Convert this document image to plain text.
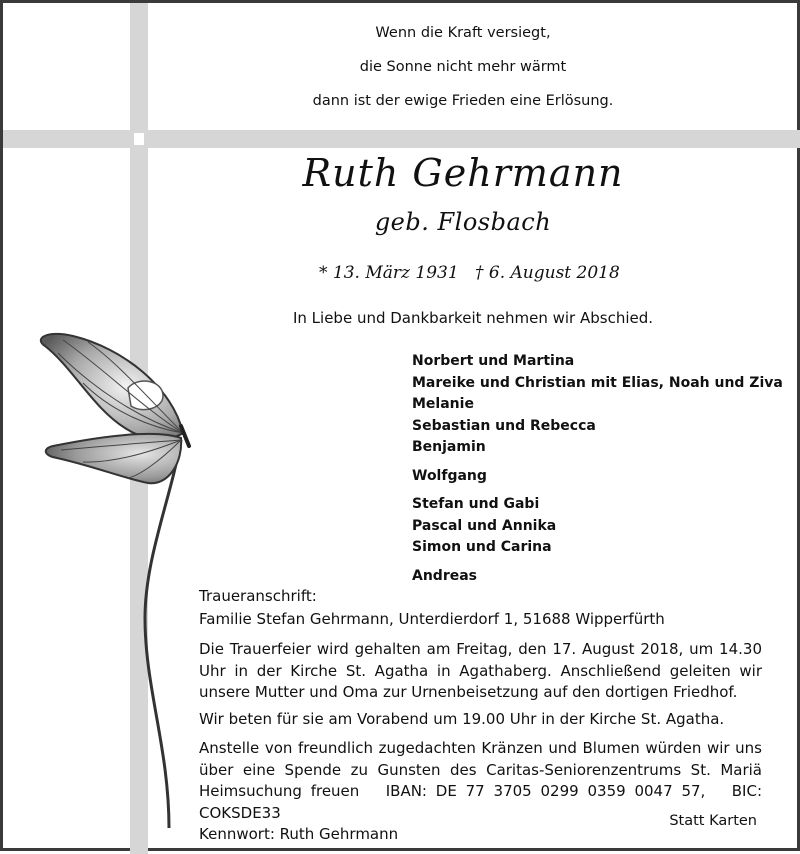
Wenn die Kraft versiegt,
die Sonne nicht mehr wärmt
dann ist der ewige Frieden eine Erlösung.
Ruth Gehrmann
geb. Flosbach
* 13. März 1931 † 6. August 2018
In Liebe und Dankbarkeit nehmen wir Abschied.
Norbert und Martina
Mareike und Christian mit Elias, Noah und Ziva
Melanie
Sebastian und Rebecca
Benjamin
Wolfgang
Stefan und Gabi
Pascal und Annika
Simon und Carina
Andreas
Traueranschrift:
Familie Stefan Gehrmann, Unterdierdorf 1, 51688 Wipperfürth
Die Trauerfeier wird gehalten am Freitag, den 17. August 2018, um 14.30 Uhr in der Kirche St. Agatha in Agathaberg. Anschließend geleiten wir unsere Mutter und Oma zur Urnenbeisetzung auf den dortigen Friedhof.
Wir beten für sie am Vorabend um 19.00 Uhr in der Kirche St. Agatha.
Anstelle von freundlich zugedachten Kränzen und Blumen würden wir uns über eine Spende zu Gunsten des Caritas-Seniorenzentrums St. Mariä Heimsuchung freuen IBAN: DE 77 3705 0299 0359 0047 57, BIC: COKSDE33
Kennwort: Ruth Gehrmann
Statt Karten
